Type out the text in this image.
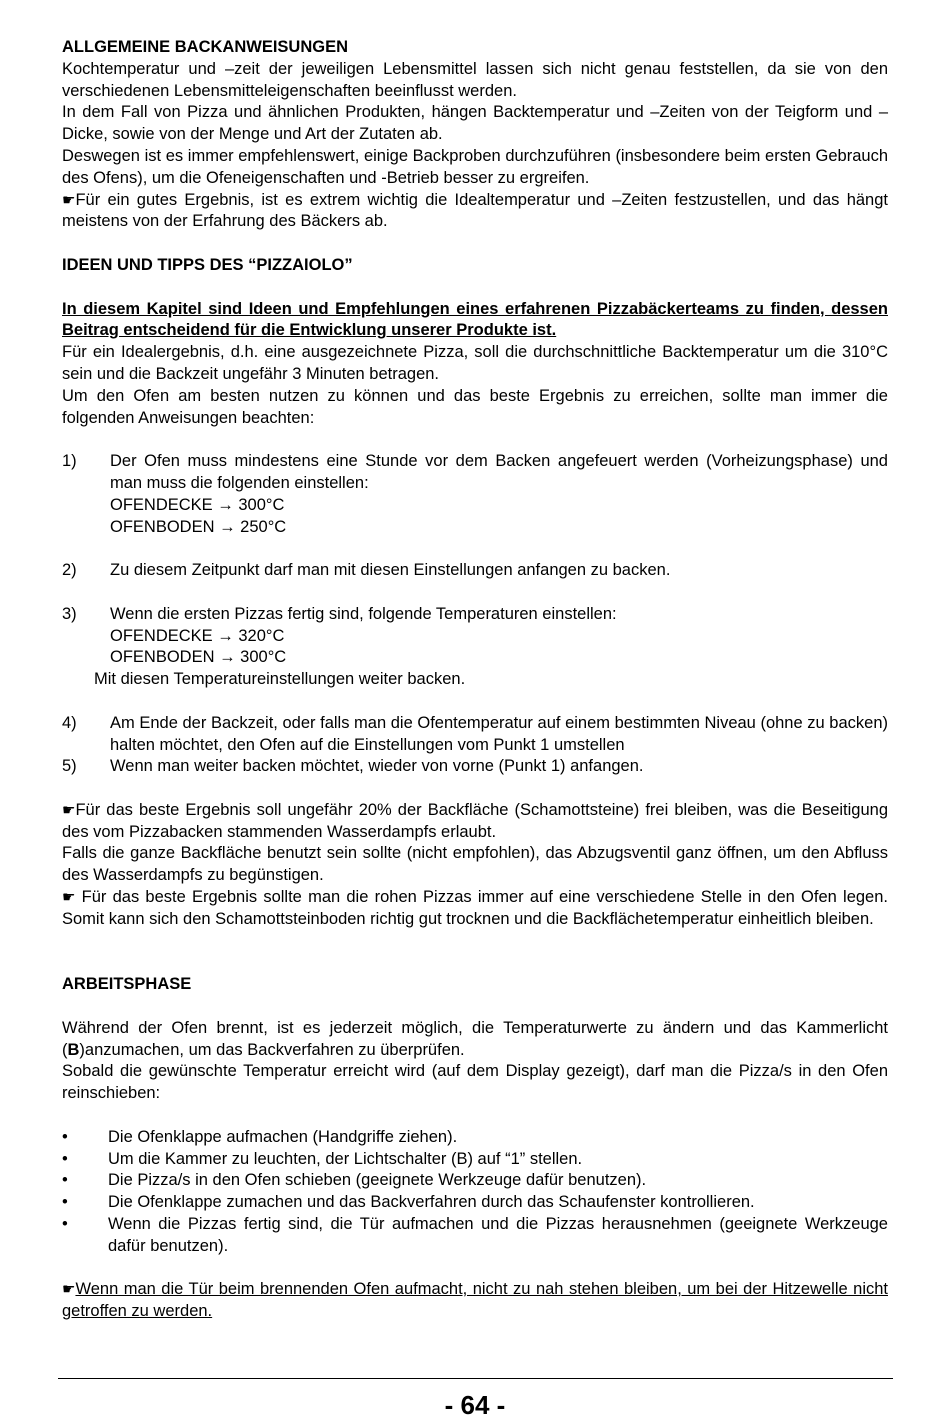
ALLGEMEINE BACKANWEISUNGEN

Kochtemperatur und –zeit der jeweiligen Lebensmittel lassen sich nicht genau feststellen, da sie von den verschiedenen Lebensmitteleigenschaften beeinflusst werden.

In dem Fall von Pizza und ähnlichen Produkten, hängen Backtemperatur und –Zeiten von der Teigform und –Dicke, sowie von der Menge und Art der Zutaten ab.

Deswegen ist es immer empfehlenswert, einige Backproben durchzuführen (insbesondere beim ersten Gebrauch des Ofens), um die Ofeneigenschaften und -Betrieb besser zu ergreifen.

☛Für ein gutes Ergebnis, ist es extrem wichtig die Idealtemperatur und –Zeiten festzustellen, und das hängt meistens von der Erfahrung des Bäckers ab.

IDEEN UND TIPPS DES “PIZZAIOLO”

In diesem Kapitel sind Ideen und Empfehlungen eines erfahrenen Pizzabäckerteams zu finden, dessen Beitrag entscheidend für die Entwicklung unserer Produkte ist.

Für ein Idealergebnis, d.h. eine ausgezeichnete Pizza, soll die durchschnittliche Backtemperatur um die 310°C sein und die Backzeit ungefähr 3 Minuten betragen.

Um den Ofen am besten nutzen zu können und das beste Ergebnis zu erreichen, sollte man immer die folgenden Anweisungen beachten:

1)	Der Ofen muss mindestens eine Stunde vor dem Backen angefeuert werden (Vorheizungsphase) und man muss die folgenden einstellen:

OFENDECKE → 300°C

OFENBODEN → 250°C

2)	Zu diesem Zeitpunkt darf man mit diesen Einstellungen anfangen zu backen.

3)	Wenn die ersten Pizzas fertig sind, folgende Temperaturen einstellen:

OFENDECKE → 320°C

OFENBODEN → 300°C

Mit diesen Temperatureinstellungen weiter backen.

4)	Am Ende der Backzeit, oder falls man die Ofentemperatur auf einem bestimmten Niveau (ohne zu backen) halten möchtet, den Ofen auf die Einstellungen vom Punkt 1 umstellen

5)	Wenn man weiter backen möchtet, wieder von vorne (Punkt 1) anfangen.

☛Für das beste Ergebnis soll ungefähr 20% der Backfläche (Schamottsteine) frei bleiben, was die Beseitigung des vom Pizzabacken stammenden Wasserdampfs erlaubt.

Falls die ganze Backfläche benutzt sein sollte (nicht empfohlen), das Abzugsventil ganz öffnen, um den Abfluss des Wasserdampfs zu begünstigen.

☛ Für das beste Ergebnis sollte man die rohen Pizzas immer auf eine verschiedene Stelle in den Ofen legen. Somit kann sich den Schamottsteinboden richtig gut trocknen und die Backflächetemperatur einheitlich bleiben.

ARBEITSPHASE

Während der Ofen brennt, ist es jederzeit möglich, die Temperaturwerte zu ändern und das Kammerlicht (B)anzumachen, um das Backverfahren zu überprüfen.

Sobald die gewünschte Temperatur erreicht wird (auf dem Display gezeigt), darf man die Pizza/s in den Ofen reinschieben:

•	Die Ofenklappe aufmachen (Handgriffe ziehen).
•	Um die Kammer zu leuchten, der Lichtschalter (B) auf “1” stellen.
•	Die Pizza/s in den Ofen schieben (geeignete Werkzeuge dafür benutzen).
•	Die Ofenklappe zumachen und das Backverfahren durch das Schaufenster kontrollieren.
•	Wenn die Pizzas fertig sind, die Tür aufmachen und die Pizzas herausnehmen (geeignete Werkzeuge dafür benutzen).

☛Wenn man die Tür beim brennenden Ofen aufmacht, nicht zu nah stehen bleiben, um bei der Hitzewelle nicht getroffen zu werden.

- 64 -
